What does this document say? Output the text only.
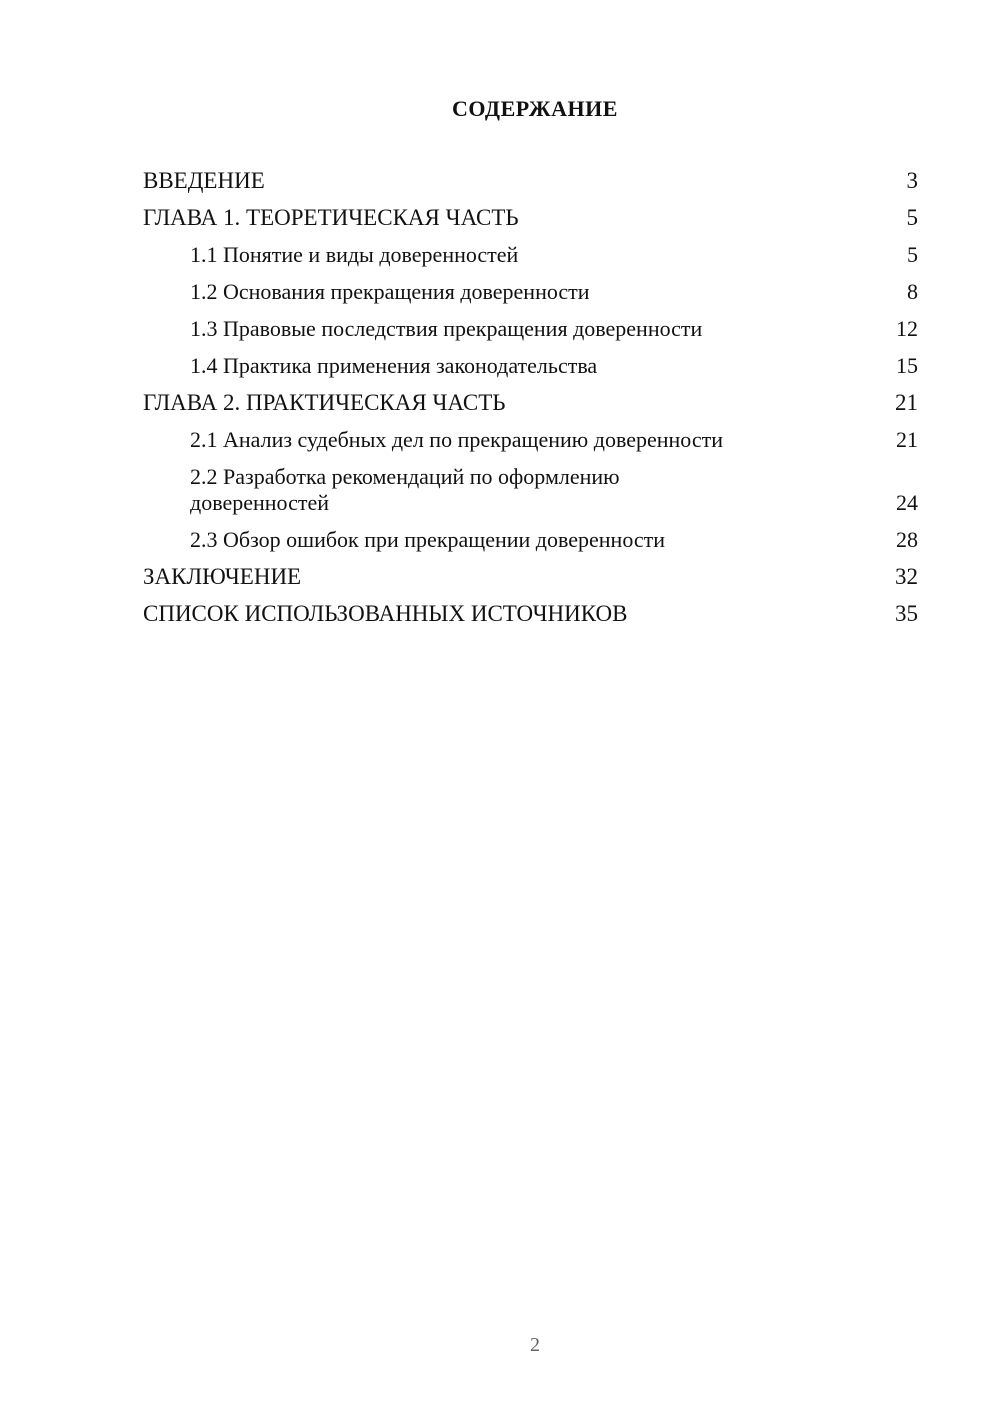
СОДЕРЖАНИЕ
ВВЕДЕНИЕ	3
ГЛАВА 1. ТЕОРЕТИЧЕСКАЯ ЧАСТЬ	5
1.1 Понятие и виды доверенностей	5
1.2 Основания прекращения доверенности	8
1.3 Правовые последствия прекращения доверенности	12
1.4 Практика применения законодательства	15
ГЛАВА 2. ПРАКТИЧЕСКАЯ ЧАСТЬ	21
2.1 Анализ судебных дел по прекращению доверенности	21
2.2 Разработка рекомендаций по оформлению доверенностей	24
2.3 Обзор ошибок при прекращении доверенности	28
ЗАКЛЮЧЕНИЕ	32
СПИСОК ИСПОЛЬЗОВАННЫХ ИСТОЧНИКОВ	35
2
